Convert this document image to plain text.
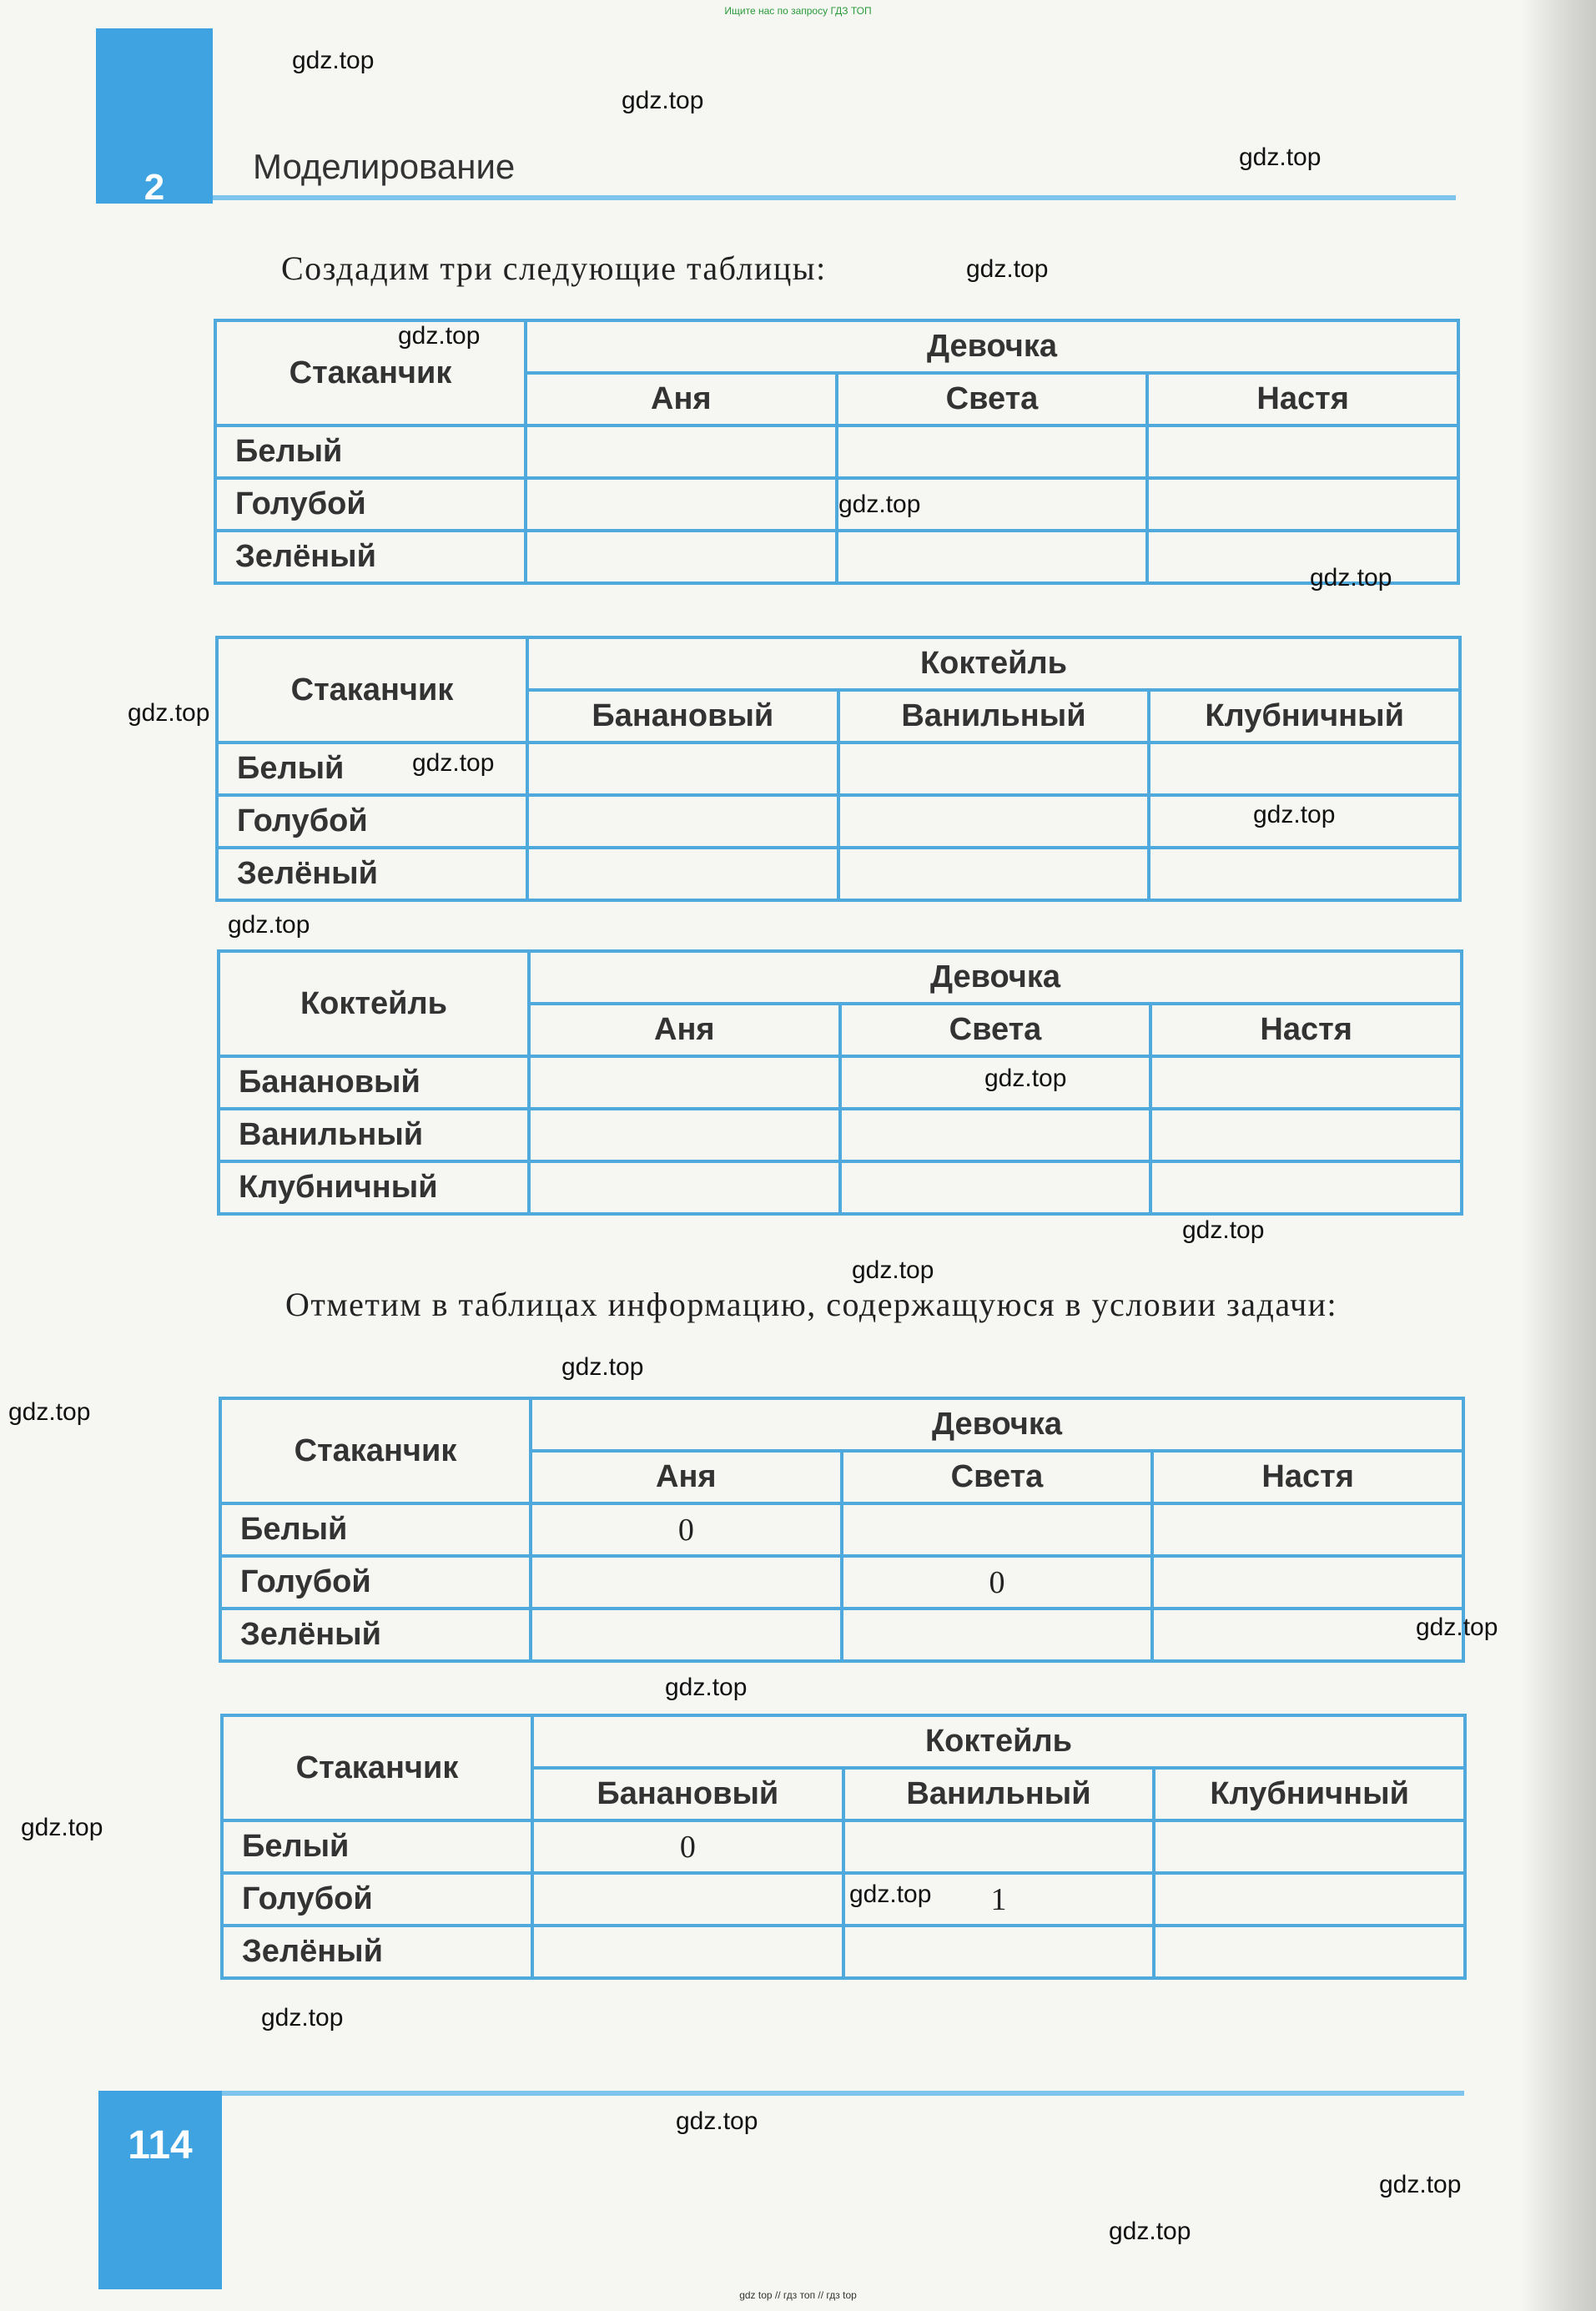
Ищите нас по запросу ГДЗ ТОП
2
Моделирование
Создадим три следующие таблицы:
Стаканчик	Девочка		
	Аня	Света	Настя
Белый			
Голубой			
Зелёный			
Стаканчик	Коктейль		
	Банановый	Ванильный	Клубничный
Белый			
Голубой			
Зелёный			
Коктейль	Девочка		
	Аня	Света	Настя
Банановый			
Ванильный			
Клубничный			
Отметим в таблицах информацию, содержащуюся в условии задачи:
Стаканчик	Девочка		
	Аня	Света	Настя
Белый	0		
Голубой		0	
Зелёный			
Стаканчик	Коктейль		
	Банановый	Ванильный	Клубничный
Белый	0		
Голубой		1	
Зелёный			
114
gdz top // гдз топ // гдз top
gdz.top
gdz.top
gdz.top
gdz.top
gdz.top
gdz.top
gdz.top
gdz.top
gdz.top
gdz.top
gdz.top
gdz.top
gdz.top
gdz.top
gdz.top
gdz.top
gdz.top
gdz.top
gdz.top
gdz.top
gdz.top
gdz.top
gdz.top
gdz.top
